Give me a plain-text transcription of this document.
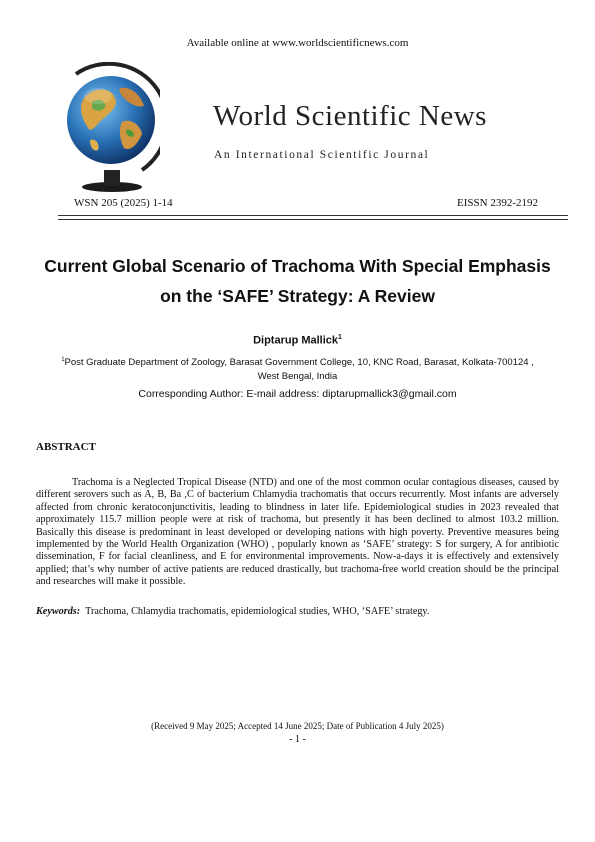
Available online at www.worldscientificnews.com
World Scientific News
An International Scientific Journal
WSN 205 (2025) 1-14	EISSN 2392-2192
Current Global Scenario of Trachoma With Special Emphasis
on the ‘SAFE’ Strategy: A Review
Diptarup Mallick$^1$
$^1$Post Graduate Department of Zoology, Barasat Government College, 10, KNC Road, Barasat, Kolkata-700124 ,
West Bengal, India
Corresponding Author: E-mail address: diptarupmallick3@gmail.com
ABSTRACT

Trachoma is a Neglected Tropical Disease (NTD) and one of the most common ocular contagious diseases, caused by different serovers such as A, B, Ba ,C of bacterium Chlamydia trachomatis that occurs recurrently. Most infants are adversely affected from chronic keratoconjunctivitis, leading to blindness in later life. Epidemiological studies in 2023 revealed that approximately 115.7 million people were at risk of trachoma, but presently it has been declined to almost 103.2 million. Basically this disease is predominant in least developed or developing nations with high poverty. Preventive measures being implemented by the World Health Organization (WHO) , popularly known as ‘SAFE’ strategy: S for surgery, A for antibiotic dissemination, F for facial cleanliness, and E for environmental improvements. Now-a-days it is effectively and extensively applied; that’s why number of active patients are reduced drastically, but trachoma-free world creation should be the principal and researches will make it possible.

Keywords: Trachoma, Chlamydia trachomatis, epidemiological studies, WHO, ‘SAFE’ strategy.
(Received 9 May 2025; Accepted 14 June 2025; Date of Publication 4 July 2025)
- 1 -
